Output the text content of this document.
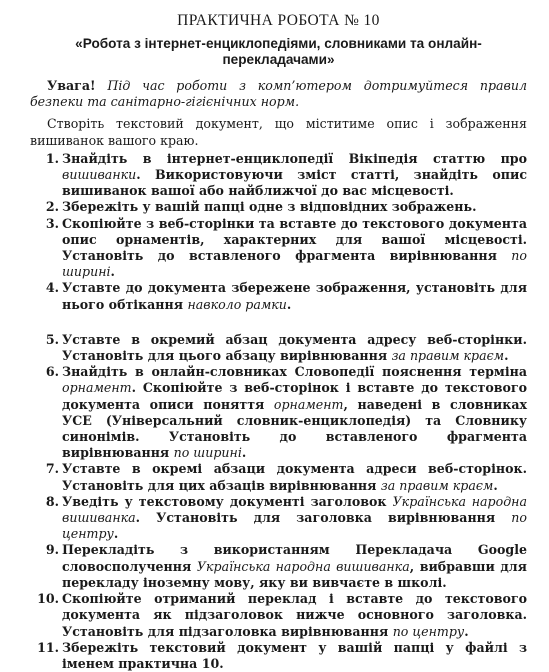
ПРАКТИЧНА РОБОТА № 10
«Робота з інтернет-енциклопедіями, словниками та онлайн-перекладачами»

Увага! Під час роботи з комп’ютером дотримуйтеся правил безпеки та санітарно-гігієнічних норм.

Створіть текстовий документ, що міститиме опис і зображення вишиванок вашого краю.

1. Знайдіть в інтернет-енциклопедії Вікіпедія статтю про вишиванки. Використовуючи зміст статті, знайдіть опис вишиванок вашої або найближчої до вас місцевості.
2. Збережіть у вашій папці одне з відповідних зображень.
3. Скопіюйте з веб-сторінки та вставте до текстового документа опис орнаментів, характерних для вашої місцевості. Установіть до вставленого фрагмента вирівнювання по ширині.
4. Уставте до документа збережене зображення, установіть для нього обтікання навколо рамки.
5. Уставте в окремий абзац документа адресу веб-сторінки. Установіть для цього абзацу вирівнювання за правим краєм.
6. Знайдіть в онлайн-словниках Словопедії пояснення терміна орнамент. Скопіюйте з веб-сторінок і вставте до текстового документа описи поняття орнамент, наведені в словниках УСЕ (Універсальний словник-енциклопедія) та Словнику синонімів. Установіть до вставленого фрагмента вирівнювання по ширині.
7. Уставте в окремі абзаци документа адреси веб-сторінок. Установіть для цих абзаців вирівнювання за правим краєм.
8. Уведіть у текстовому документі заголовок Українська народна вишиванка. Установіть для заголовка вирівнювання по центру.
9. Перекладіть з використанням Перекладача Google словосполучення Українська народна вишиванка, вибравши для перекладу іноземну мову, яку ви вивчаєте в школі.
10. Скопіюйте отриманий переклад і вставте до текстового документа як підзаголовок нижче основного заголовка. Установіть для підзаголовка вирівнювання по центру.
11. Збережіть текстовий документ у вашій папці у файлі з іменем практична 10.
